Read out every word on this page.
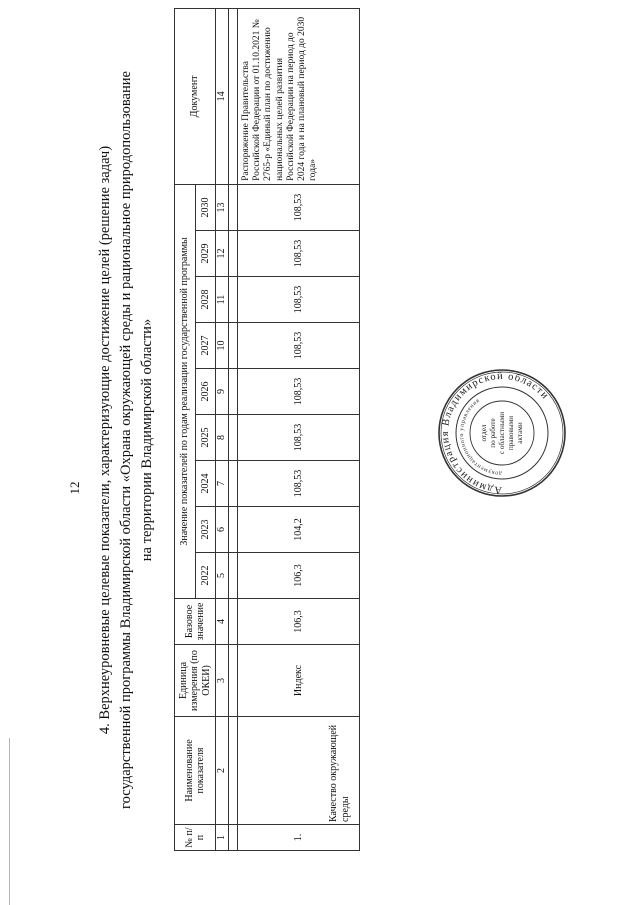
12 4. Верхнеуровневые целевые показатели, характеризующие достижение целей (решение задач) государственной программы Владимирской области «Охрана окружающей среды и рациональное природопользование на территории Владимирской области»
№ п/п	Наименование показателя	Единица измерения (по ОКЕИ)	Базовое значение	Значение показателей по годам реализации государственной программы									Документ
				2022	2023	2024	2025	2026	2027	2028	2029	2030	
1	2	3	4	5	6	7	8	9	10	11	12	13	14

1.	Качество окружающей среды	Индекс	106,3	106,3	104,2	108,53	108,53	108,53	108,53	108,53	108,53	108,53	Распоряжение Правительства Российской Федерации от 01.10.2021 № 2765-р «Единый план по достижению национальных целей развития Российской Федерации на период до 2024 года и на плановый период до 2030 года»
Администрация Владимирской области
документационного управления
отдел по работе с областными правовыми актами
